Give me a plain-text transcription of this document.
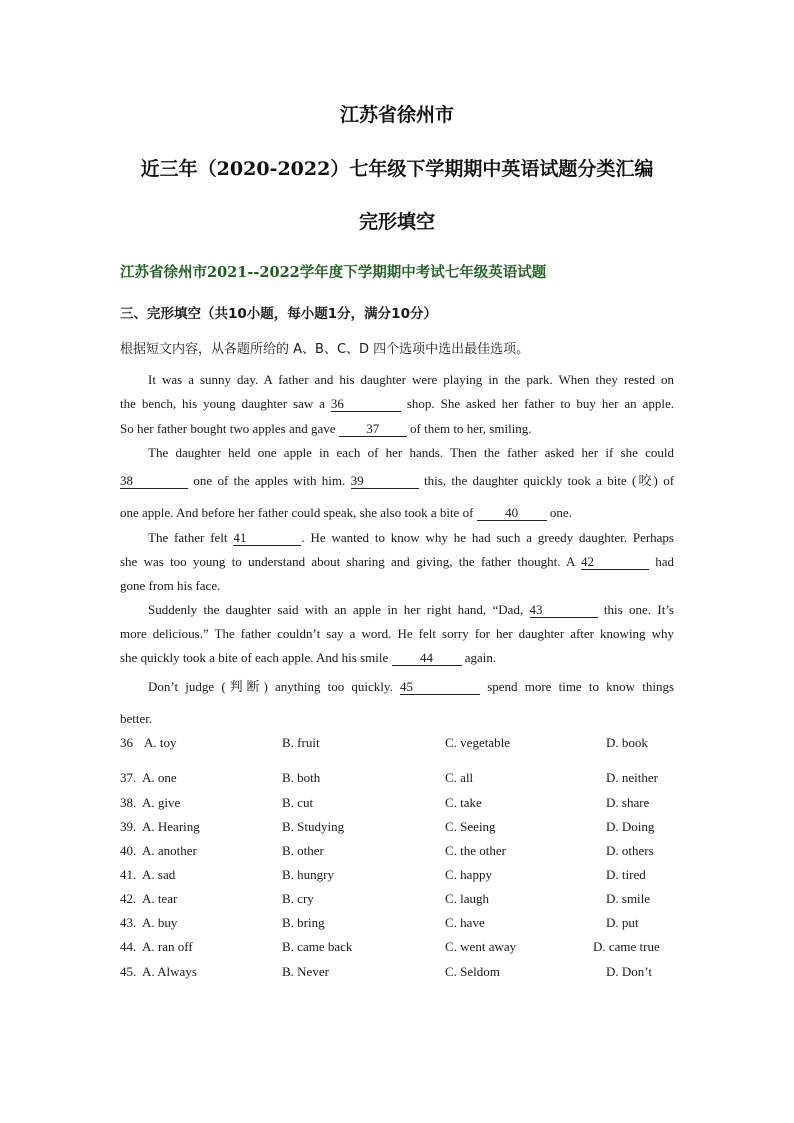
江苏省徐州市
近三年（2020-2022）七年级下学期期中英语试题分类汇编
完形填空
江苏省徐州市2021--2022学年度下学期期中考试七年级英语试题
三、完形填空（共10小题，每小题1分，满分10分）
根据短文内容，从各题所给的 A、B、C、D 四个选项中选出最佳选项。
It was a sunny day. A father and his daughter were playing in the park. When they rested on
the bench, his young daughter saw a 36	shop. She asked her father to buy her an apple.
So her father bought two apples and gave 37 of them to her, smiling.
The daughter held one apple in each of her hands. Then the father asked her if she could
38	one of the apples with him. 39	this, the daughter quickly took a bite (咬) of
one apple. And before her father could speak, she also took a bite of 40 one.
The father felt 41	. He wanted to know why he had such a greedy daughter. Perhaps
she was too young to understand about sharing and giving, the father thought. A 42	had
gone from his face.
Suddenly the daughter said with an apple in her right hand, “Dad, 43	this one. It’s
more delicious.” The father couldn’t say a word. He felt sorry for her daughter after knowing why
she quickly took a bite of each apple. And his smile 44 again.
Don’t judge (判断) anything too quickly. 45	spend more time to know things
better.
36 A. toy	B. fruit	C. vegetable	D. book
37. A. one	B. both	C. all	D. neither
38. A. give	B. cut	C. take	D. share
39. A. Hearing	B. Studying	C. Seeing	D. Doing
40. A. another	B. other	C. the other	D. others
41. A. sad	B. hungry	C. happy	D. tired
42. A. tear	B. cry	C. laugh	D. smile
43. A. buy	B. bring	C. have	D. put
44. A. ran off	B. came back	C. went away	D. came true
45. A. Always	B. Never	C. Seldom	D. Don’t
